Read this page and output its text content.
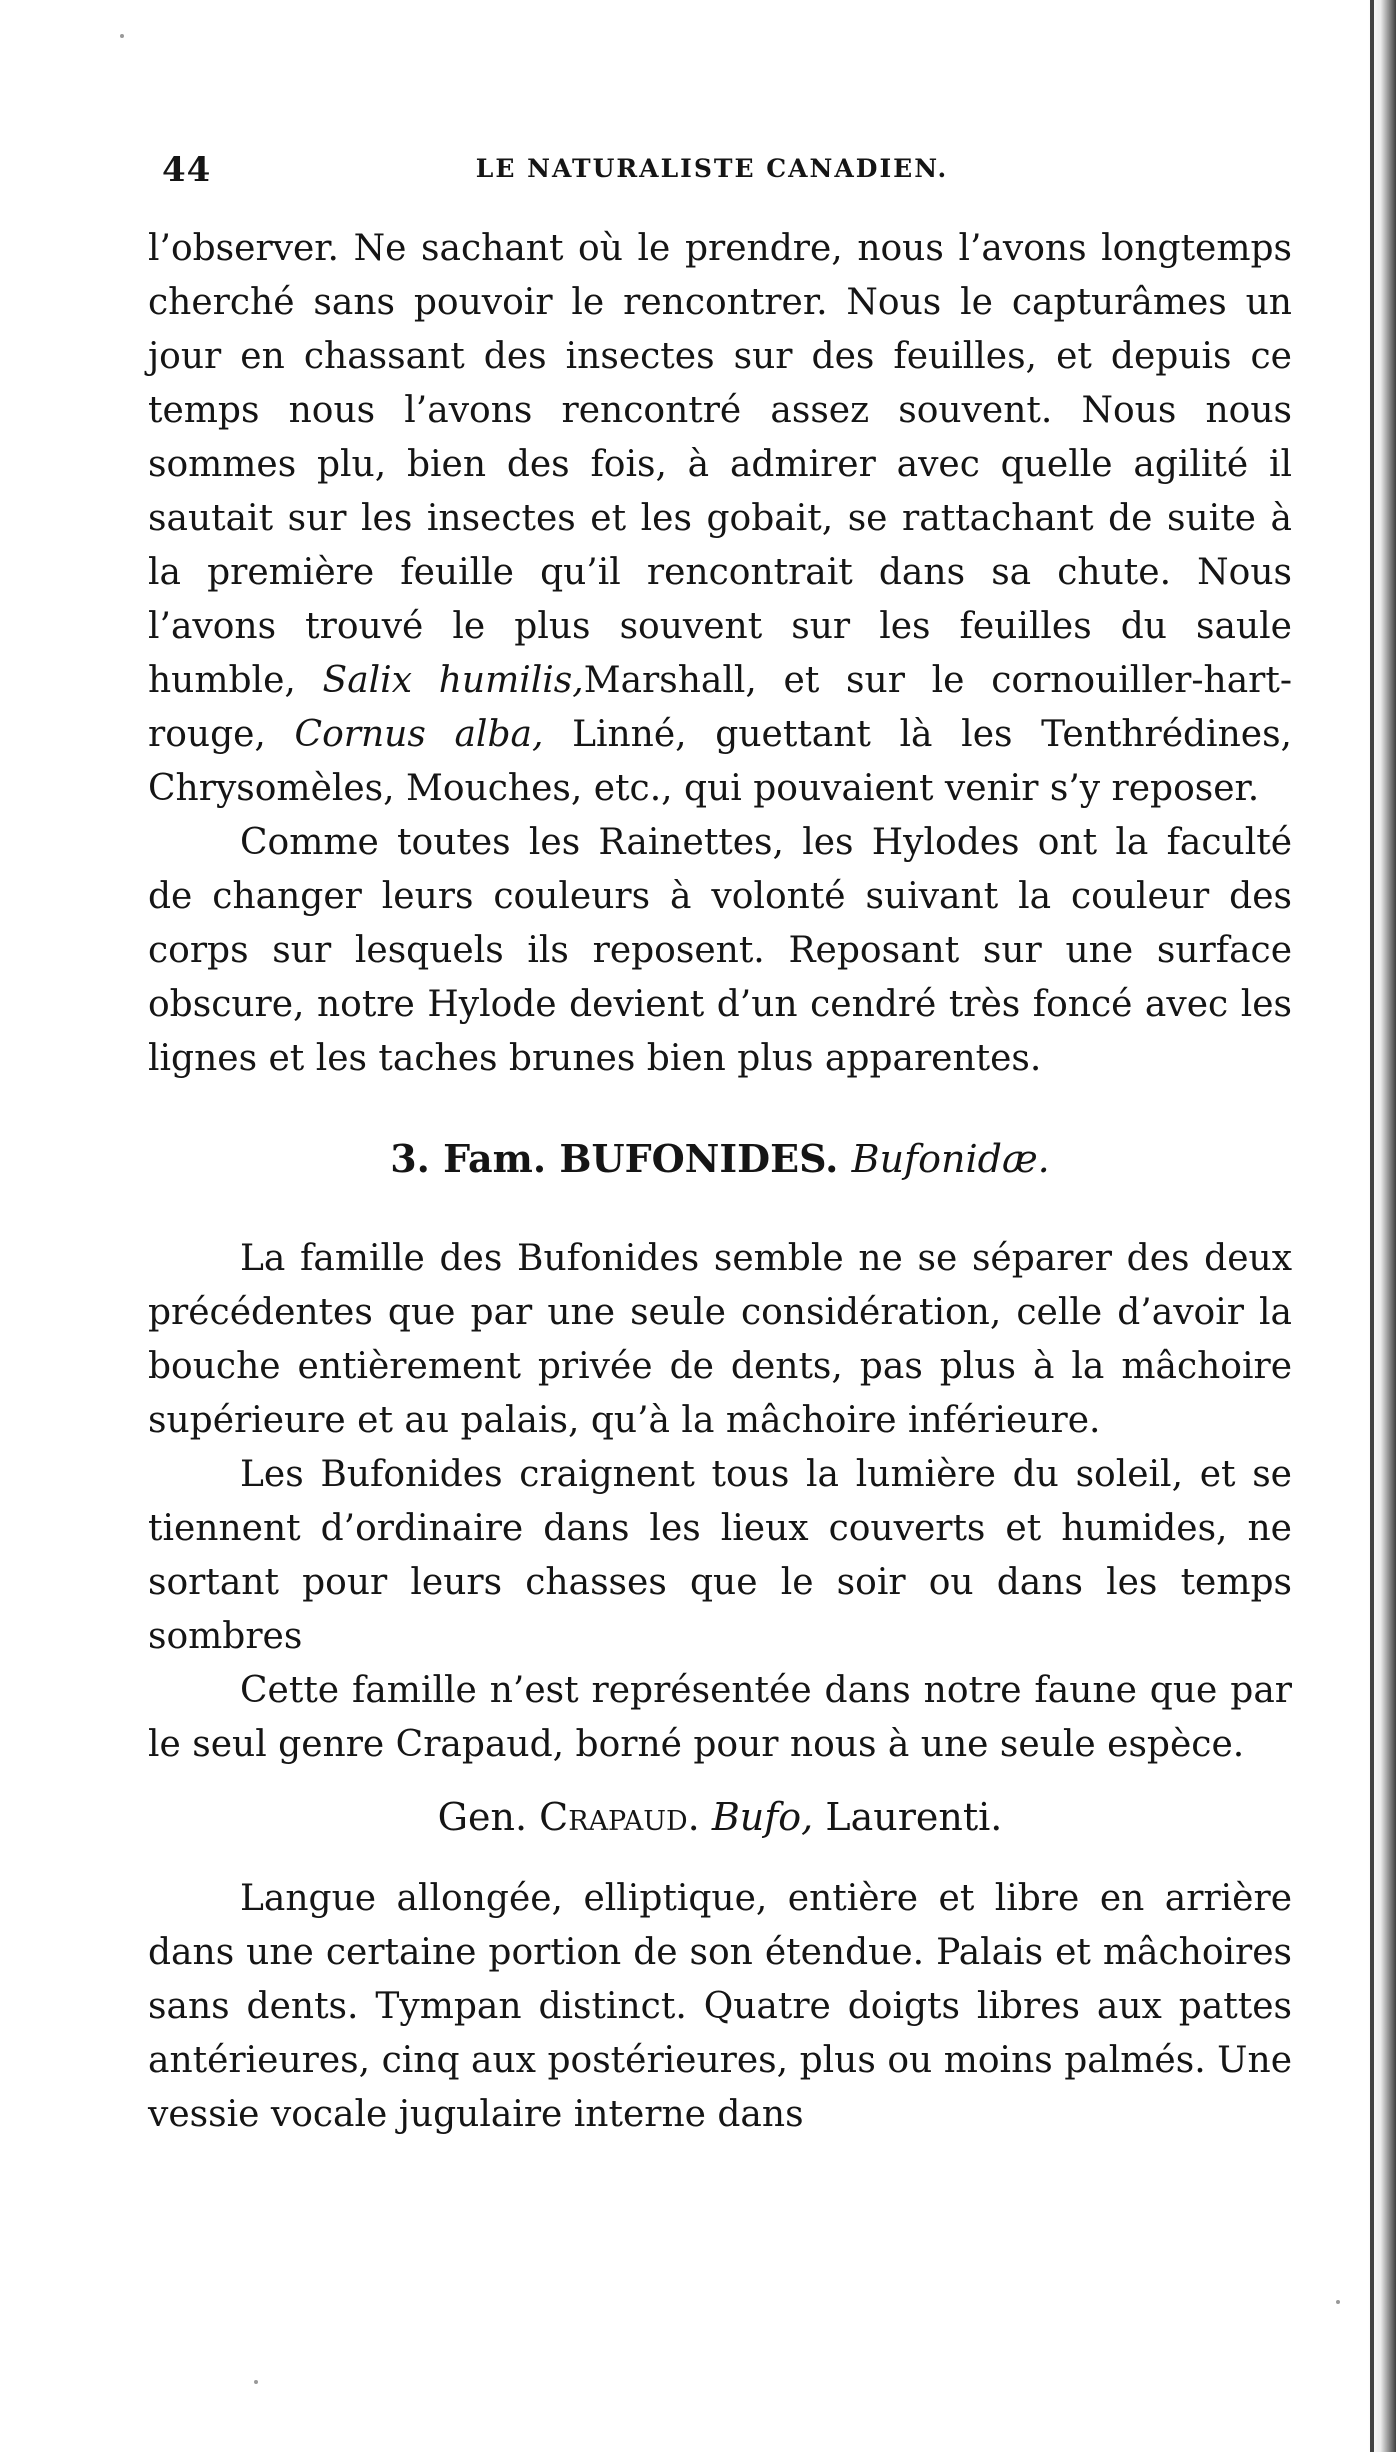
44	LE NATURALISTE CANADIEN.

l’observer. Ne sachant où le prendre, nous l’avons longtemps cherché sans pouvoir le rencontrer. Nous le capturâmes un jour en chassant des insectes sur des feuilles, et depuis ce temps nous l’avons rencontré assez souvent. Nous nous sommes plu, bien des fois, à admirer avec quelle agilité il sautait sur les insectes et les gobait, se rattachant de suite à la première feuille qu’il rencontrait dans sa chute. Nous l’avons trouvé le plus souvent sur les feuilles du saule humble, Salix humilis,Marshall, et sur le cornouiller-hart-rouge, Cornus alba, Linné, guettant là les Tenthrédines, Chrysomèles, Mouches, etc., qui pouvaient venir s’y reposer.

Comme toutes les Rainettes, les Hylodes ont la faculté de changer leurs couleurs à volonté suivant la couleur des corps sur lesquels ils reposent. Reposant sur une surface obscure, notre Hylode devient d’un cendré très foncé avec les lignes et les taches brunes bien plus apparentes.

3. Fam. BUFONIDES. Bufonidæ.

La famille des Bufonides semble ne se séparer des deux précédentes que par une seule considération, celle d’avoir la bouche entièrement privée de dents, pas plus à la mâchoire supérieure et au palais, qu’à la mâchoire inférieure.

Les Bufonides craignent tous la lumière du soleil, et se tiennent d’ordinaire dans les lieux couverts et humides, ne sortant pour leurs chasses que le soir ou dans les temps sombres

Cette famille n’est représentée dans notre faune que par le seul genre Crapaud, borné pour nous à une seule espèce.

Gen. Crapaud. Bufo, Laurenti.

Langue allongée, elliptique, entière et libre en arrière dans une certaine portion de son étendue. Palais et mâchoires sans dents. Tympan distinct. Quatre doigts libres aux pattes antérieures, cinq aux postérieures, plus ou moins palmés. Une vessie vocale jugulaire interne dans
